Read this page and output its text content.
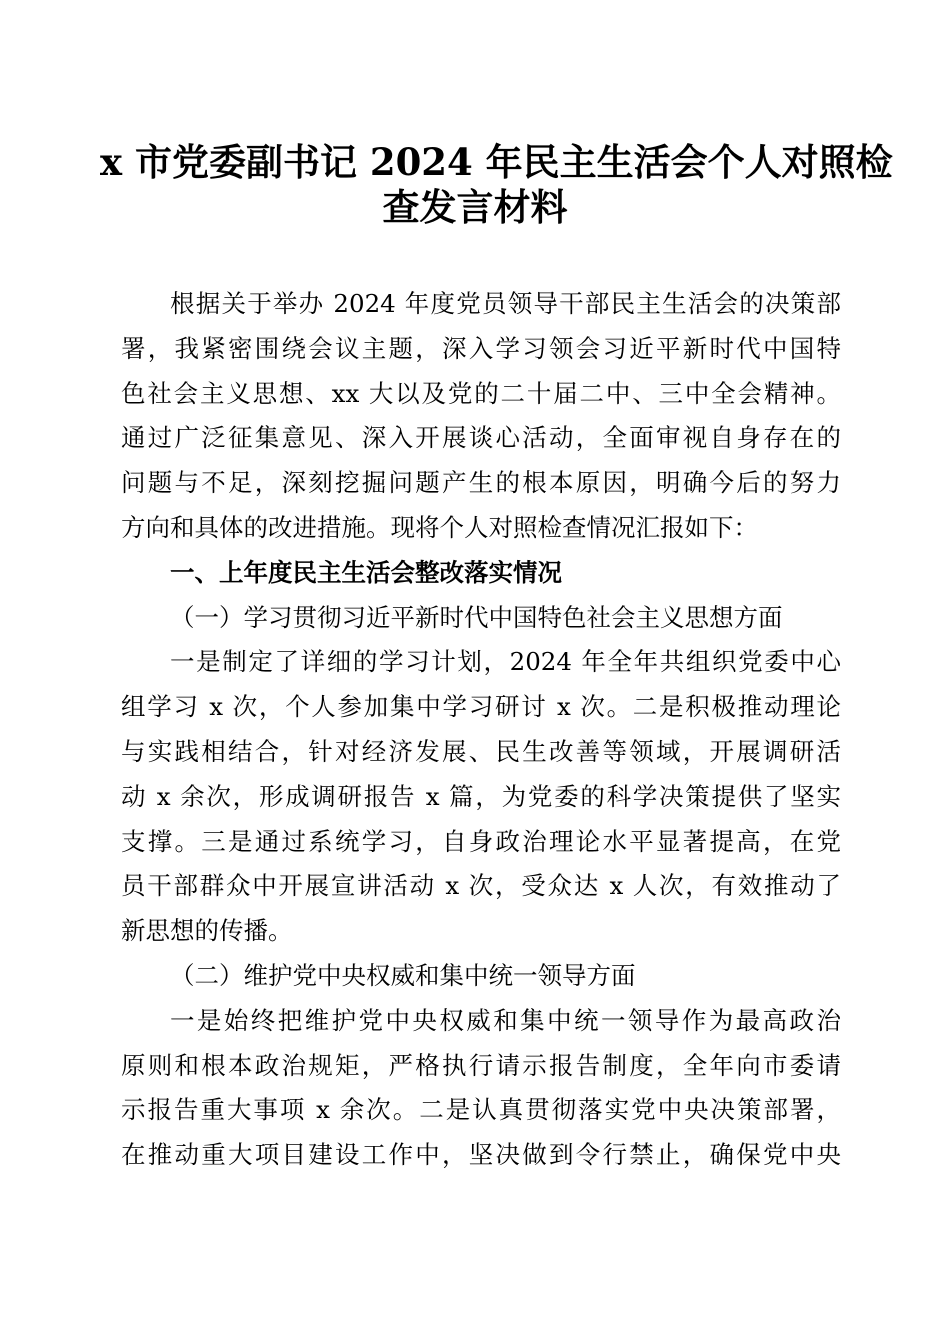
x 市党委副书记 2024 年民主生活会个人对照检
查发言材料
根据关于举办 2024 年度党员领导干部民主生活会的决策部
署，我紧密围绕会议主题，深入学习领会习近平新时代中国特
色社会主义思想、xx 大以及党的二十届二中、三中全会精神。
通过广泛征集意见、深入开展谈心活动，全面审视自身存在的
问题与不足，深刻挖掘问题产生的根本原因，明确今后的努力
方向和具体的改进措施。现将个人对照检查情况汇报如下：
一、上年度民主生活会整改落实情况
（一）学习贯彻习近平新时代中国特色社会主义思想方面
一是制定了详细的学习计划，2024 年全年共组织党委中心
组学习 x 次，个人参加集中学习研讨 x 次。二是积极推动理论
与实践相结合，针对经济发展、民生改善等领域，开展调研活
动 x 余次，形成调研报告 x 篇，为党委的科学决策提供了坚实
支撑。三是通过系统学习，自身政治理论水平显著提高，在党
员干部群众中开展宣讲活动 x 次，受众达 x 人次，有效推动了
新思想的传播。
（二）维护党中央权威和集中统一领导方面
一是始终把维护党中央权威和集中统一领导作为最高政治
原则和根本政治规矩，严格执行请示报告制度，全年向市委请
示报告重大事项 x 余次。二是认真贯彻落实党中央决策部署，
在推动重大项目建设工作中，坚决做到令行禁止，确保党中央
